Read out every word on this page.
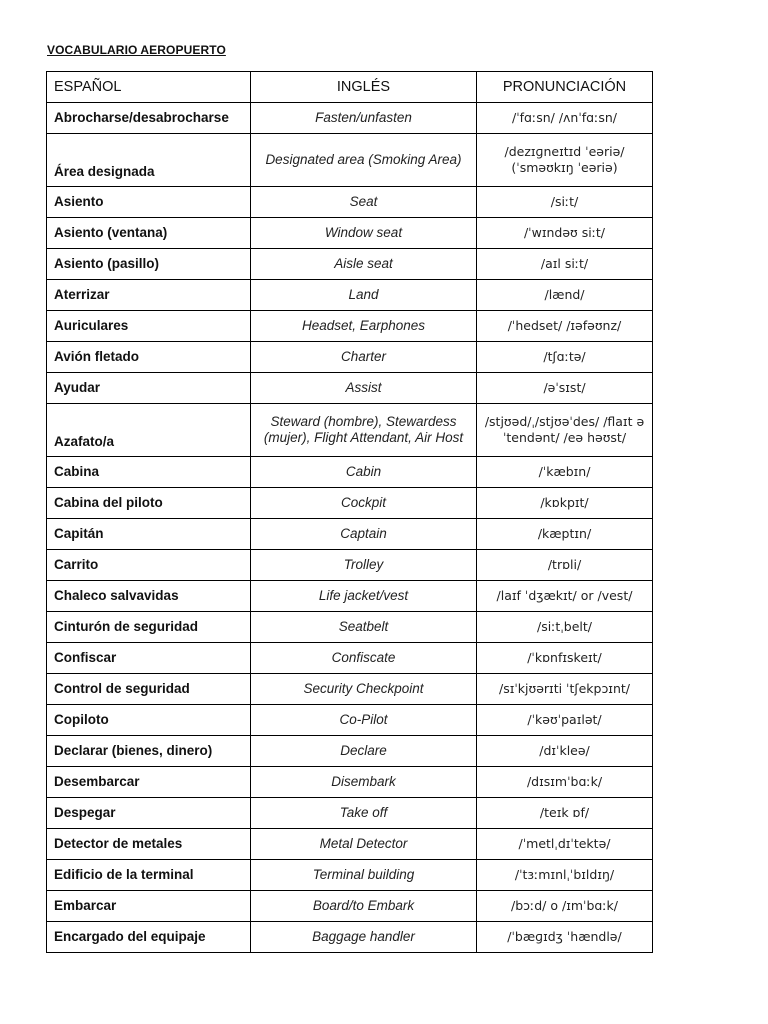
VOCABULARIO AEROPUERTO
ESPAÑOL	INGLÉS	PRONUNCIACIÓN
Abrocharse/desabrocharse	Fasten/unfasten	/ˈfɑːsn/ /ʌnˈfɑːsn/
Área designada	Designated area (Smoking Area)	/dezɪɡneɪtɪd ˈeəriə/ (ˈsməʊkɪŋ ˈeəriə)
Asiento	Seat	/siːt/
Asiento (ventana)	Window seat	/ˈwɪndəʊ siːt/
Asiento (pasillo)	Aisle seat	/aɪl siːt/
Aterrizar	Land	/lænd/
Auriculares	Headset, Earphones	/ˈhedset/ /ɪəfəʊnz/
Avión fletado	Charter	/tʃɑːtə/
Ayudar	Assist	/əˈsɪst/
Azafato/a	Steward (hombre), Stewardess (mujer), Flight Attendant, Air Host	/stjʊəd/ˌ/stjʊəˈdes/ /flaɪt əˈtendənt/ /eə həʊst/
Cabina	Cabin	/ˈkæbɪn/
Cabina del piloto	Cockpit	/kɒkpɪt/
Capitán	Captain	/kæptɪn/
Carrito	Trolley	/trɒli/
Chaleco salvavidas	Life jacket/vest	/laɪf ˈdʒækɪt/ or /vest/
Cinturón de seguridad	Seatbelt	/siːtˌbelt/
Confiscar	Confiscate	/ˈkɒnfɪskeɪt/
Control de seguridad	Security Checkpoint	/sɪˈkjʊərɪti ˈtʃekpɔɪnt/
Copiloto	Co-Pilot	/ˈkəʊˈpaɪlət/
Declarar (bienes, dinero)	Declare	/dɪˈkleə/
Desembarcar	Disembark	/dɪsɪmˈbɑːk/
Despegar	Take off	/teɪk ɒf/
Detector de metales	Metal Detector	/ˈmetlˌdɪˈtektə/
Edificio de la terminal	Terminal building	/ˈtɜːmɪnlˌˈbɪldɪŋ/
Embarcar	Board/to Embark	/bɔːd/ o /ɪmˈbɑːk/
Encargado del equipaje	Baggage handler	/ˈbæɡɪdʒ ˈhændlə/
